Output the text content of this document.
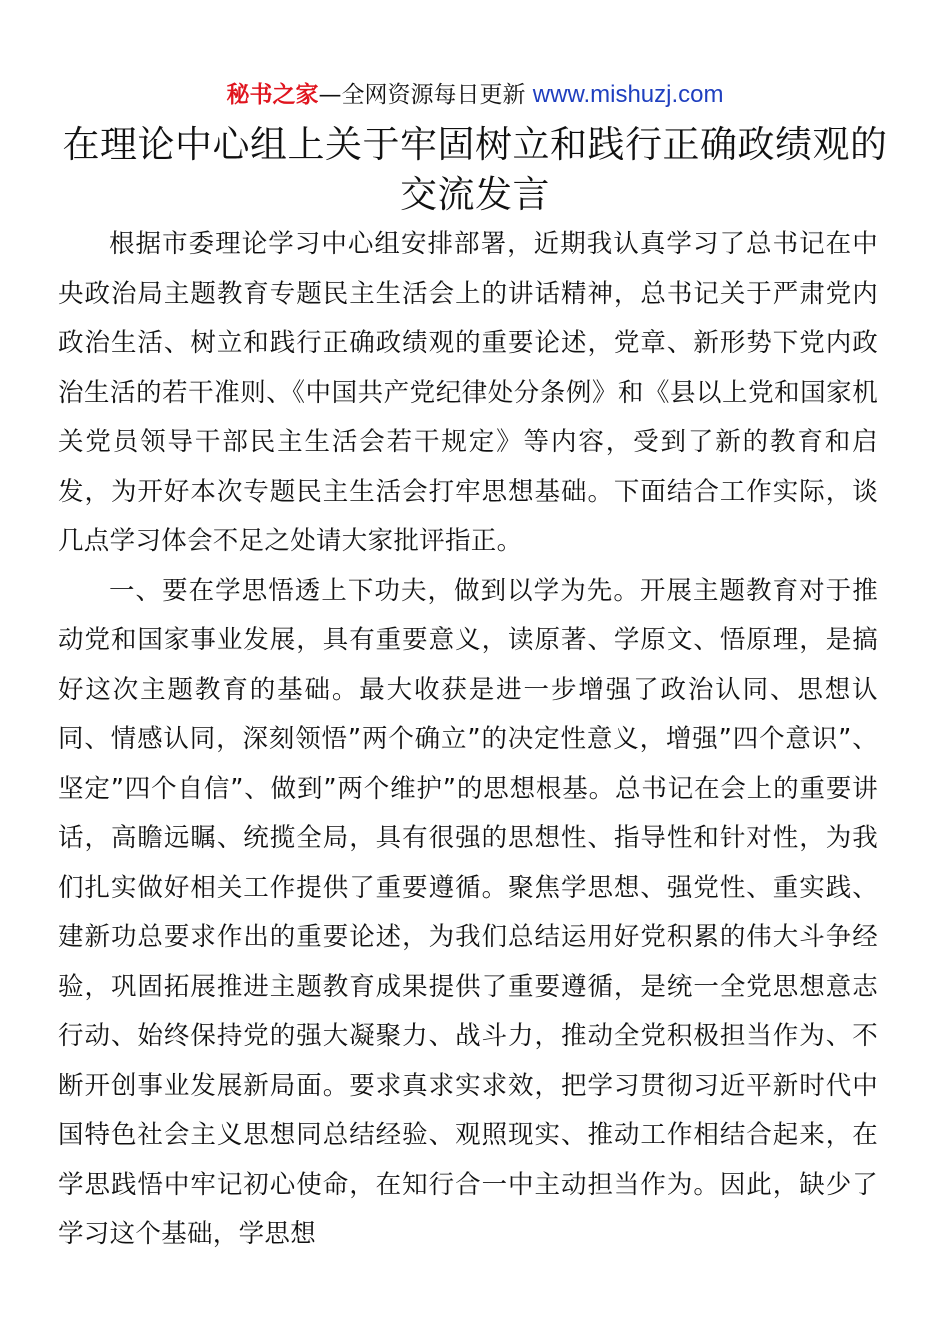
秘书之家—全网资源每日更新 www.mishuzj.com
在理论中心组上关于牢固树立和践行正确政绩观的交流发言

根据市委理论学习中心组安排部署，近期我认真学习了总书记在中央政治局主题教育专题民主生活会上的讲话精神，总书记关于严肃党内政治生活、树立和践行正确政绩观的重要论述，党章、新形势下党内政治生活的若干准则、《中国共产党纪律处分条例》和《县以上党和国家机关党员领导干部民主生活会若干规定》等内容，受到了新的教育和启发，为开好本次专题民主生活会打牢思想基础。下面结合工作实际，谈几点学习体会不足之处请大家批评指正。

一、要在学思悟透上下功夫，做到以学为先。开展主题教育对于推动党和国家事业发展，具有重要意义，读原著、学原文、悟原理，是搞好这次主题教育的基础。最大收获是进一步增强了政治认同、思想认同、情感认同，深刻领悟”两个确立”的决定性意义，增强”四个意识”、坚定”四个自信”、做到”两个维护”的思想根基。总书记在会上的重要讲话，高瞻远瞩、统揽全局，具有很强的思想性、指导性和针对性，为我们扎实做好相关工作提供了重要遵循。聚焦学思想、强党性、重实践、建新功总要求作出的重要论述，为我们总结运用好党积累的伟大斗争经验，巩固拓展推进主题教育成果提供了重要遵循，是统一全党思想意志行动、始终保持党的强大凝聚力、战斗力，推动全党积极担当作为、不断开创事业发展新局面。要求真求实求效，把学习贯彻习近平新时代中国特色社会主义思想同总结经验、观照现实、推动工作相结合起来，在学思践悟中牢记初心使命，在知行合一中主动担当作为。因此，缺少了学习这个基础，学思想
